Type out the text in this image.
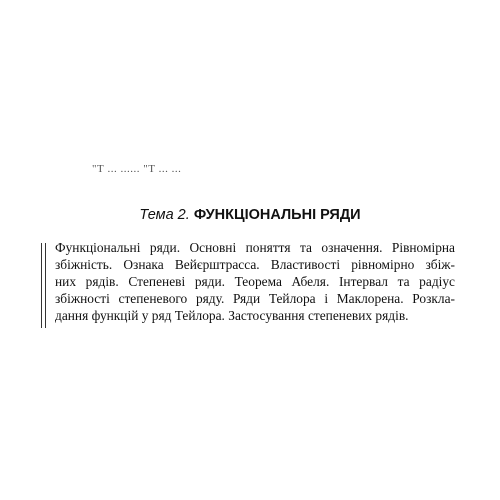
"Т ... ...... "Т ... ...
Тема 2. ФУНКЦІОНАЛЬНІ РЯДИ
Функціональні ряди. Основні поняття та означення. Рівномірна
збіжність. Ознака Вейєрштрасса. Властивості рівномірно збіж-
них рядів. Степеневі ряди. Теорема Абеля. Інтервал та радіус
збіжності степеневого ряду. Ряди Тейлора і Маклорена. Розкла-
дання функцій у ряд Тейлора. Застосування степеневих рядів.
